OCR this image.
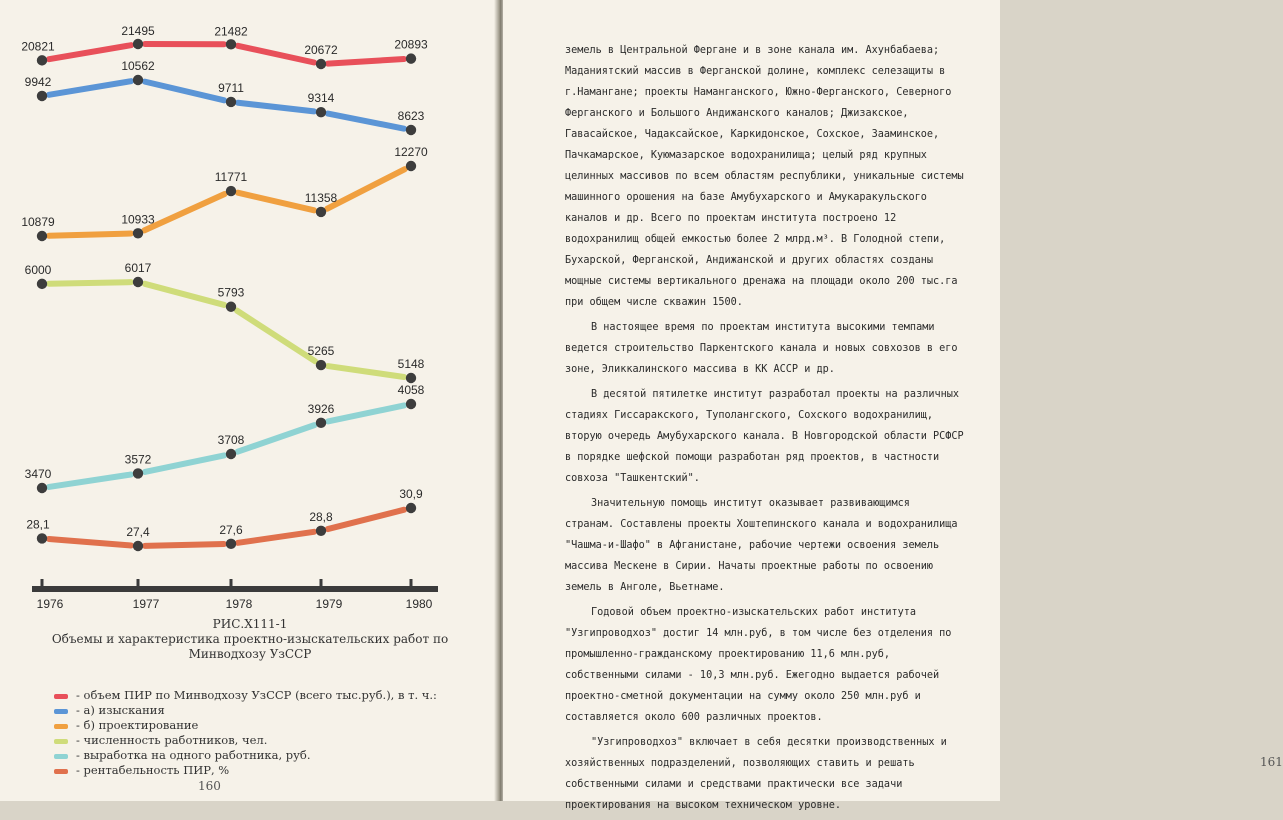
20821
21495	21482
20672	20893
9942
10562
9711
9314
8623
10879	10933
11771
11358
12270
6000	6017
5793
5265
5148
3470
3572
3708
3926
4058
28,1
27,4	27,6
28,8
30,9
1976	1977	1978	1979	1980
РИС.Х111-1
Объемы и характеристика проектно-изыскательских работ по Минводхозу УзССР
- объем ПИР по Минводхозу УзССР (всего тыс.руб.), в т. ч.:
- а) изыскания
- б) проектирование
- численность работников, чел.
- выработка на одного работника, руб.
- рентабельность ПИР, %
160
161

земель в Центральной Фергане и в зоне канала им. Ахунбабаева; Маданиятский массив в Ферганской долине, комплекс селезащиты в г.Намангане; проекты Наманганского, Южно-Ферганского, Северного Ферганского и Большого Андижанского каналов; Джизакское, Гавасайское, Чадаксайское, Каркидонское, Сохское, Зааминское, Пачкамарское, Куюмазарское водохранилища; целый ряд крупных целинных массивов по всем областям республики, уникальные системы машинного орошения на базе Амубухарского и Амукаракульского каналов и др. Всего по проектам института построено 12 водохранилищ общей емкостью более 2 млрд.м³. В Голодной степи, Бухарской, Ферганской, Андижанской и других областях созданы мощные системы вертикального дренажа на площади около 200 тыс.га при общем числе скважин 1500.

В настоящее время по проектам института высокими темпами ведется строительство Паркентского канала и новых совхозов в его зоне, Эликкалинского массива в КК АССР и др.

В десятой пятилетке институт разработал проекты на различных стадиях Гиссаракского, Туполангского, Сохского водохранилищ, вторую очередь Амубухарского канала. В Новгородской области РСФСР в порядке шефской помощи разработан ряд проектов, в частности совхоза "Ташкентский".

Значительную помощь институт оказывает развивающимся странам. Составлены проекты Хоштепинского канала и водохранилища "Чашма-и-Шафо" в Афганистане, рабочие чертежи освоения земель массива Мескене в Сирии. Начаты проектные работы по освоению земель в Анголе, Вьетнаме.

Годовой объем проектно-изыскательских работ института "Узгипроводхоз" достиг 14 млн.руб, в том числе без отделения по промышленно-гражданскому проектированию 11,6 млн.руб, собственными силами - 10,3 млн.руб. Ежегодно выдается рабочей проектно-сметной документации на сумму около 250 млн.руб и составляется около 600 различных проектов.

"Узгипроводхоз" включает в себя десятки производственных и хозяйственных подразделений, позволяющих ставить и решать собственными силами и средствами практически все задачи проектирования на высоком техническом уровне.
